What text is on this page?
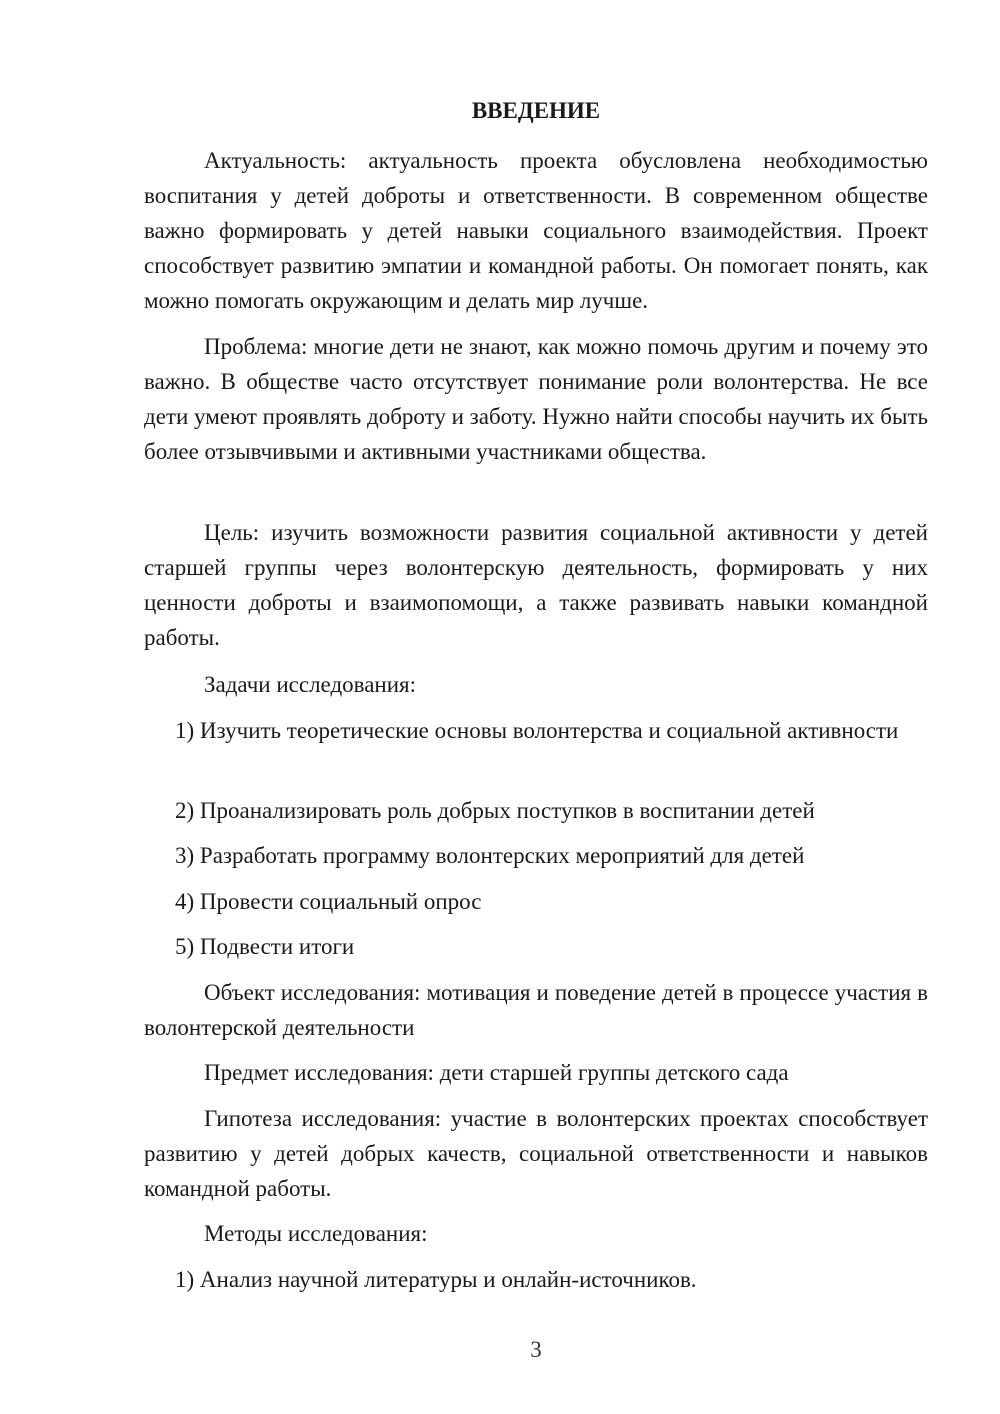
ВВЕДЕНИЕ
Актуальность: актуальность проекта обусловлена необходимостью воспитания у детей доброты и ответственности. В современном обществе важно формировать у детей навыки социального взаимодействия. Проект способствует развитию эмпатии и командной работы. Он помогает понять, как можно помогать окружающим и делать мир лучше.
Проблема: многие дети не знают, как можно помочь другим и почему это важно. В обществе часто отсутствует понимание роли волонтерства. Не все дети умеют проявлять доброту и заботу. Нужно найти способы научить их быть более отзывчивыми и активными участниками общества.
Цель: изучить возможности развития социальной активности у детей старшей группы через волонтерскую деятельность, формировать у них ценности доброты и взаимопомощи, а также развивать навыки командной работы.
Задачи исследования:
1) Изучить теоретические основы волонтерства и социальной активности
2) Проанализировать роль добрых поступков в воспитании детей
3) Разработать программу волонтерских мероприятий для детей
4) Провести социальный опрос
5) Подвести итоги
Объект исследования: мотивация и поведение детей в процессе участия в волонтерской деятельности
Предмет исследования: дети старшей группы детского сада
Гипотеза исследования: участие в волонтерских проектах способствует развитию у детей добрых качеств, социальной ответственности и навыков командной работы.
Методы исследования:
1) Анализ научной литературы и онлайн-источников.
3
